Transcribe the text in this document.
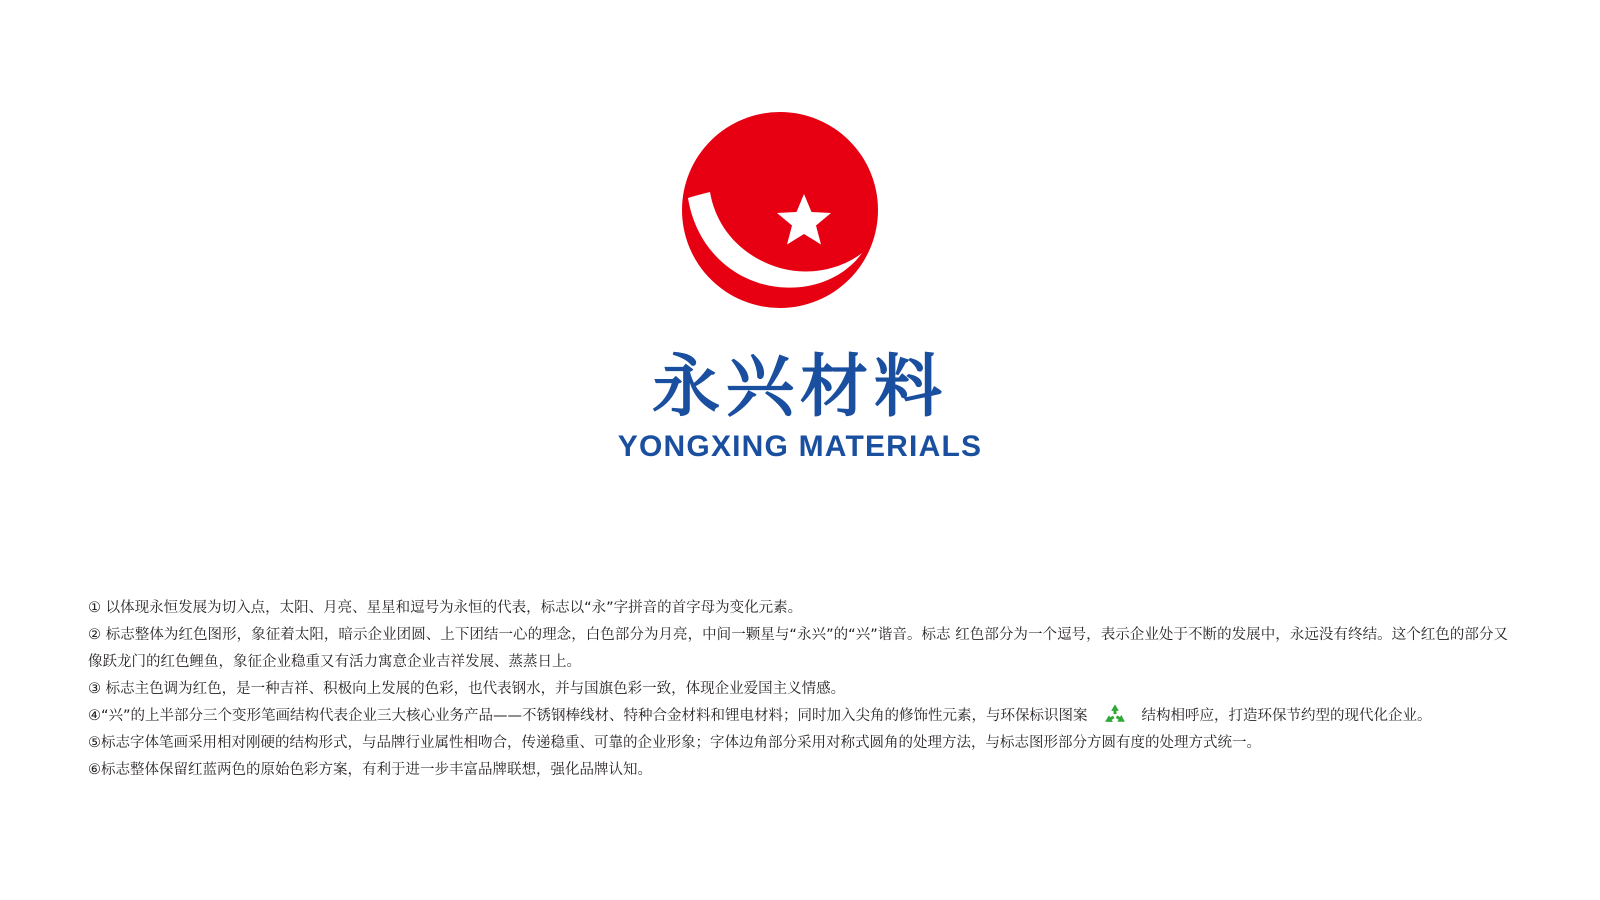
永兴材料
YONGXING MATERIALS

① 以体现永恒发展为切入点，太阳、月亮、星星和逗号为永恒的代表，标志以“永”字拼音的首字母为变化元素。

② 标志整体为红色图形，象征着太阳，暗示企业团圆、上下团结一心的理念，白色部分为月亮，中间一颗星与“永兴”的“兴”谐音。标志 红色部分为一个逗号，表示企业处于不断的发展中，永远没有终结。这个红色的部分又像跃龙门的红色鲤鱼，象征企业稳重又有活力寓意企业吉祥发展、蒸蒸日上。

③ 标志主色调为红色，是一种吉祥、积极向上发展的色彩，也代表钢水，并与国旗色彩一致，体现企业爱国主义情感。

④“兴”的上半部分三个变形笔画结构代表企业三大核心业务产品——不锈钢棒线材、特种合金材料和锂电材料；同时加入尖角的修饰性元素，与环保标识图案	结构相呼应，打造环保节约型的现代化企业。

⑤标志字体笔画采用相对刚硬的结构形式，与品牌行业属性相吻合，传递稳重、可靠的企业形象；字体边角部分采用对称式圆角的处理方法，与标志图形部分方圆有度的处理方式统一。

⑥标志整体保留红蓝两色的原始色彩方案，有利于进一步丰富品牌联想，强化品牌认知。
